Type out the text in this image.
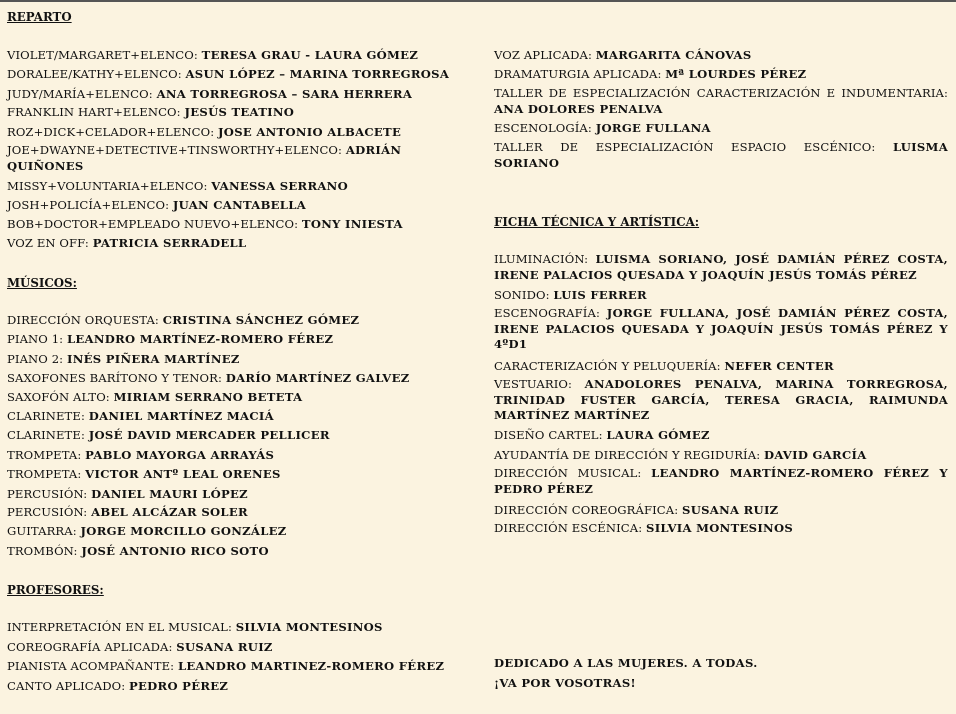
REPARTO
VIOLET/MARGARET+ELENCO: TERESA GRAU - LAURA GÓMEZ
DORALEE/KATHY+ELENCO: ASUN LÓPEZ – MARINA TORREGROSA
JUDY/MARÍA+ELENCO: ANA TORREGROSA – SARA HERRERA
FRANKLIN HART+ELENCO: JESÚS TEATINO
ROZ+DICK+CELADOR+ELENCO: JOSE ANTONIO ALBACETE
JOE+DWAYNE+DETECTIVE+TINSWORTHY+ELENCO: ADRIÁN QUIÑONES
MISSY+VOLUNTARIA+ELENCO: VANESSA SERRANO
JOSH+POLICÍA+ELENCO: JUAN CANTABELLA
BOB+DOCTOR+EMPLEADO NUEVO+ELENCO: TONY INIESTA
VOZ EN OFF: PATRICIA SERRADELL
MÚSICOS:
DIRECCIÓN ORQUESTA: CRISTINA SÁNCHEZ GÓMEZ
PIANO 1: LEANDRO MARTÍNEZ-ROMERO FÉREZ
PIANO 2: INÉS PIÑERA MARTÍNEZ
SAXOFONES BARÍTONO Y TENOR: DARÍO MARTÍNEZ GALVEZ
SAXOFÓN ALTO: MIRIAM SERRANO BETETA
CLARINETE: DANIEL MARTÍNEZ MACIÁ
CLARINETE: JOSÉ DAVID MERCADER PELLICER
TROMPETA: PABLO MAYORGA ARRAYÁS
TROMPETA: VICTOR ANTº LEAL ORENES
PERCUSIÓN: DANIEL MAURI LÓPEZ
PERCUSIÓN: ABEL ALCÁZAR SOLER
GUITARRA: JORGE MORCILLO GONZÁLEZ
TROMBÓN: JOSÉ ANTONIO RICO SOTO
PROFESORES:
INTERPRETACIÓN EN EL MUSICAL: SILVIA MONTESINOS
COREOGRAFÍA APLICADA: SUSANA RUIZ
PIANISTA ACOMPAÑANTE: LEANDRO MARTINEZ-ROMERO FÉREZ
CANTO APLICADO: PEDRO PÉREZ
VOZ APLICADA: MARGARITA CÁNOVAS
DRAMATURGIA APLICADA: Mª LOURDES PÉREZ
TALLER DE ESPECIALIZACIÓN CARACTERIZACIÓN E INDUMENTARIA: ANA DOLORES PENALVA
ESCENOLOGÍA: JORGE FULLANA
TALLER DE ESPECIALIZACIÓN ESPACIO ESCÉNICO: LUISMA SORIANO
FICHA TÉCNICA Y ARTÍSTICA:
ILUMINACIÓN: LUISMA SORIANO, JOSÉ DAMIÁN PÉREZ COSTA, IRENE PALACIOS QUESADA Y JOAQUÍN JESÚS TOMÁS PÉREZ
SONIDO: LUIS FERRER
ESCENOGRAFÍA: JORGE FULLANA, JOSÉ DAMIÁN PÉREZ COSTA, IRENE PALACIOS QUESADA Y JOAQUÍN JESÚS TOMÁS PÉREZ Y 4ºD1
CARACTERIZACIÓN Y PELUQUERÍA: NEFER CENTER
VESTUARIO: ANADOLORES PENALVA, MARINA TORREGROSA, TRINIDAD FUSTER GARCÍA, TERESA GRACIA, RAIMUNDA MARTÍNEZ MARTÍNEZ
DISEÑO CARTEL: LAURA GÓMEZ
AYUDANTÍA DE DIRECCIÓN Y REGIDURÍA: DAVID GARCÍA
DIRECCIÓN MUSICAL: LEANDRO MARTÍNEZ-ROMERO FÉREZ Y PEDRO PÉREZ
DIRECCIÓN COREOGRÁFICA: SUSANA RUIZ
DIRECCIÓN ESCÉNICA: SILVIA MONTESINOS
DEDICADO A LAS MUJERES. A TODAS.
¡VA POR VOSOTRAS!
